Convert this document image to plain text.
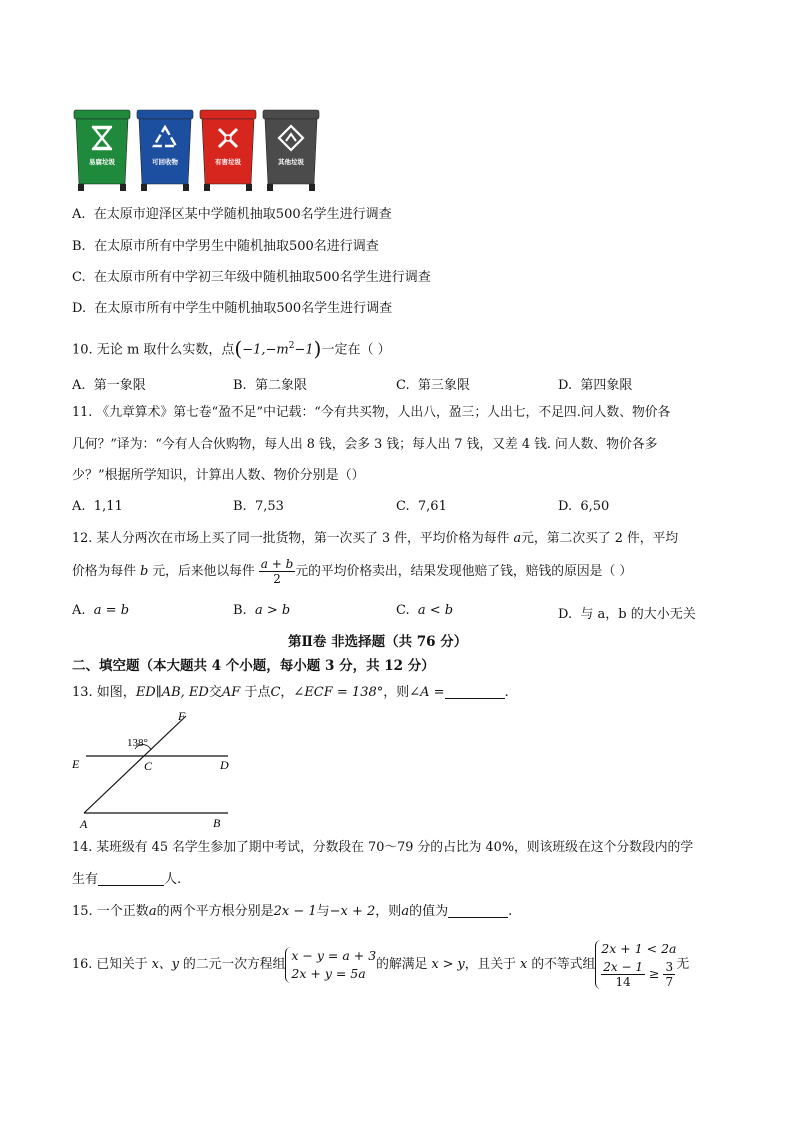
易腐垃圾	可回收物	有害垃圾	其他垃圾
A. 在太原市迎泽区某中学随机抽取500名学生进行调查
B. 在太原市所有中学男生中随机抽取500名进行调查
C. 在太原市所有中学初三年级中随机抽取500名学生进行调查
D. 在太原市所有中学生中随机抽取500名学生进行调查
10. 无论 m 取什么实数，点$(-1,-m^2-1)$一定在（ ）
A. 第一象限	B. 第二象限	C. 第三象限	D. 第四象限
11. 《九章算术》第七卷“盈不足”中记载：“今有共买物，人出八，盈三；人出七，不足四.问人数、物价各
几何？”译为：“今有人合伙购物，每人出 8 钱，会多 3 钱；每人出 7 钱，又差 4 钱. 问人数、物价各多
少？”根据所学知识，计算出人数、物价分别是（）
A. 1,11	B. 7,53	C. 7,61	D. 6,50
12. 某人分两次在市场上买了同一批货物，第一次买了 3 件，平均价格为每件 a元，第二次买了 2 件，平均
价格为每件 b 元，后来他以每件 $\frac{a + b}{2}$ 元的平均价格卖出，结果发现他赔了钱，赔钱的原因是（ ）
A. a = b	B. a > b	C. a < b	D. 与 a，b 的大小无关
第Ⅱ卷 非选择题（共 76 分）
二、填空题（本大题共 4 个小题，每小题 3 分，共 12 分）
13. 如图，ED∥AB, ED交AF 于点C，∠ECF = 138°，则∠A =	.
138°
F
E	C	D
A	B
14. 某班级有 45 名学生参加了期中考试，分数段在 70～79 分的占比为 40%，则该班级在这个分数段内的学
生有	人.
15. 一个正数a的两个平方根分别是2x − 1与−x + 2，则a的值为	.
16. 已知关于 x、y 的二元一次方程组
x − y = a + 3
2x + y = 5a
的解满足 x > y，且关于 x 的不等式组
2x + 1 < 2a
$\frac{2x - 1}{14} \ge \frac{3}{7}$ 无
